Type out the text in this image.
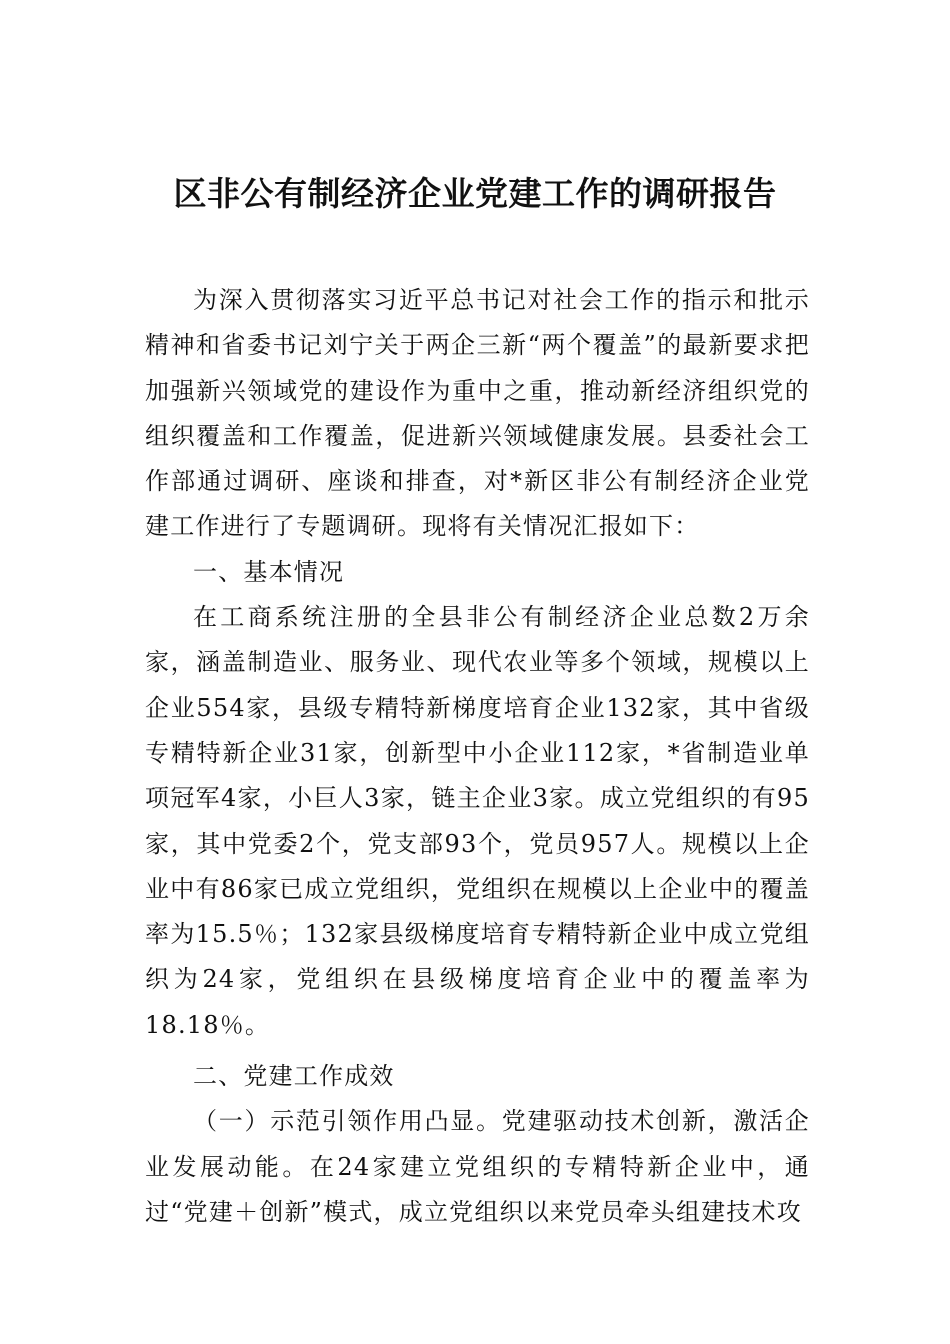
区非公有制经济企业党建工作的调研报告

为深入贯彻落实习近平总书记对社会工作的指示和批示精神和省委书记刘宁关于两企三新“两个覆盖”的最新要求把加强新兴领域党的建设作为重中之重，推动新经济组织党的组织覆盖和工作覆盖，促进新兴领域健康发展。县委社会工作部通过调研、座谈和排查，对*新区非公有制经济企业党建工作进行了专题调研。现将有关情况汇报如下：

一、基本情况

在工商系统注册的全县非公有制经济企业总数2万余家，涵盖制造业、服务业、现代农业等多个领域，规模以上企业554家，县级专精特新梯度培育企业132家，其中省级专精特新企业31家，创新型中小企业112家，*省制造业单项冠军4家，小巨人3家，链主企业3家。成立党组织的有95家，其中党委2个，党支部93个，党员957人。规模以上企业中有86家已成立党组织，党组织在规模以上企业中的覆盖率为15.5％；132家县级梯度培育专精特新企业中成立党组织为24家，党组织在县级梯度培育企业中的覆盖率为18.18％。

二、党建工作成效

（一）示范引领作用凸显。党建驱动技术创新，激活企业发展动能。在24家建立党组织的专精特新企业中，通过“党建＋创新”模式，成立党组织以来党员牵头组建技术攻
